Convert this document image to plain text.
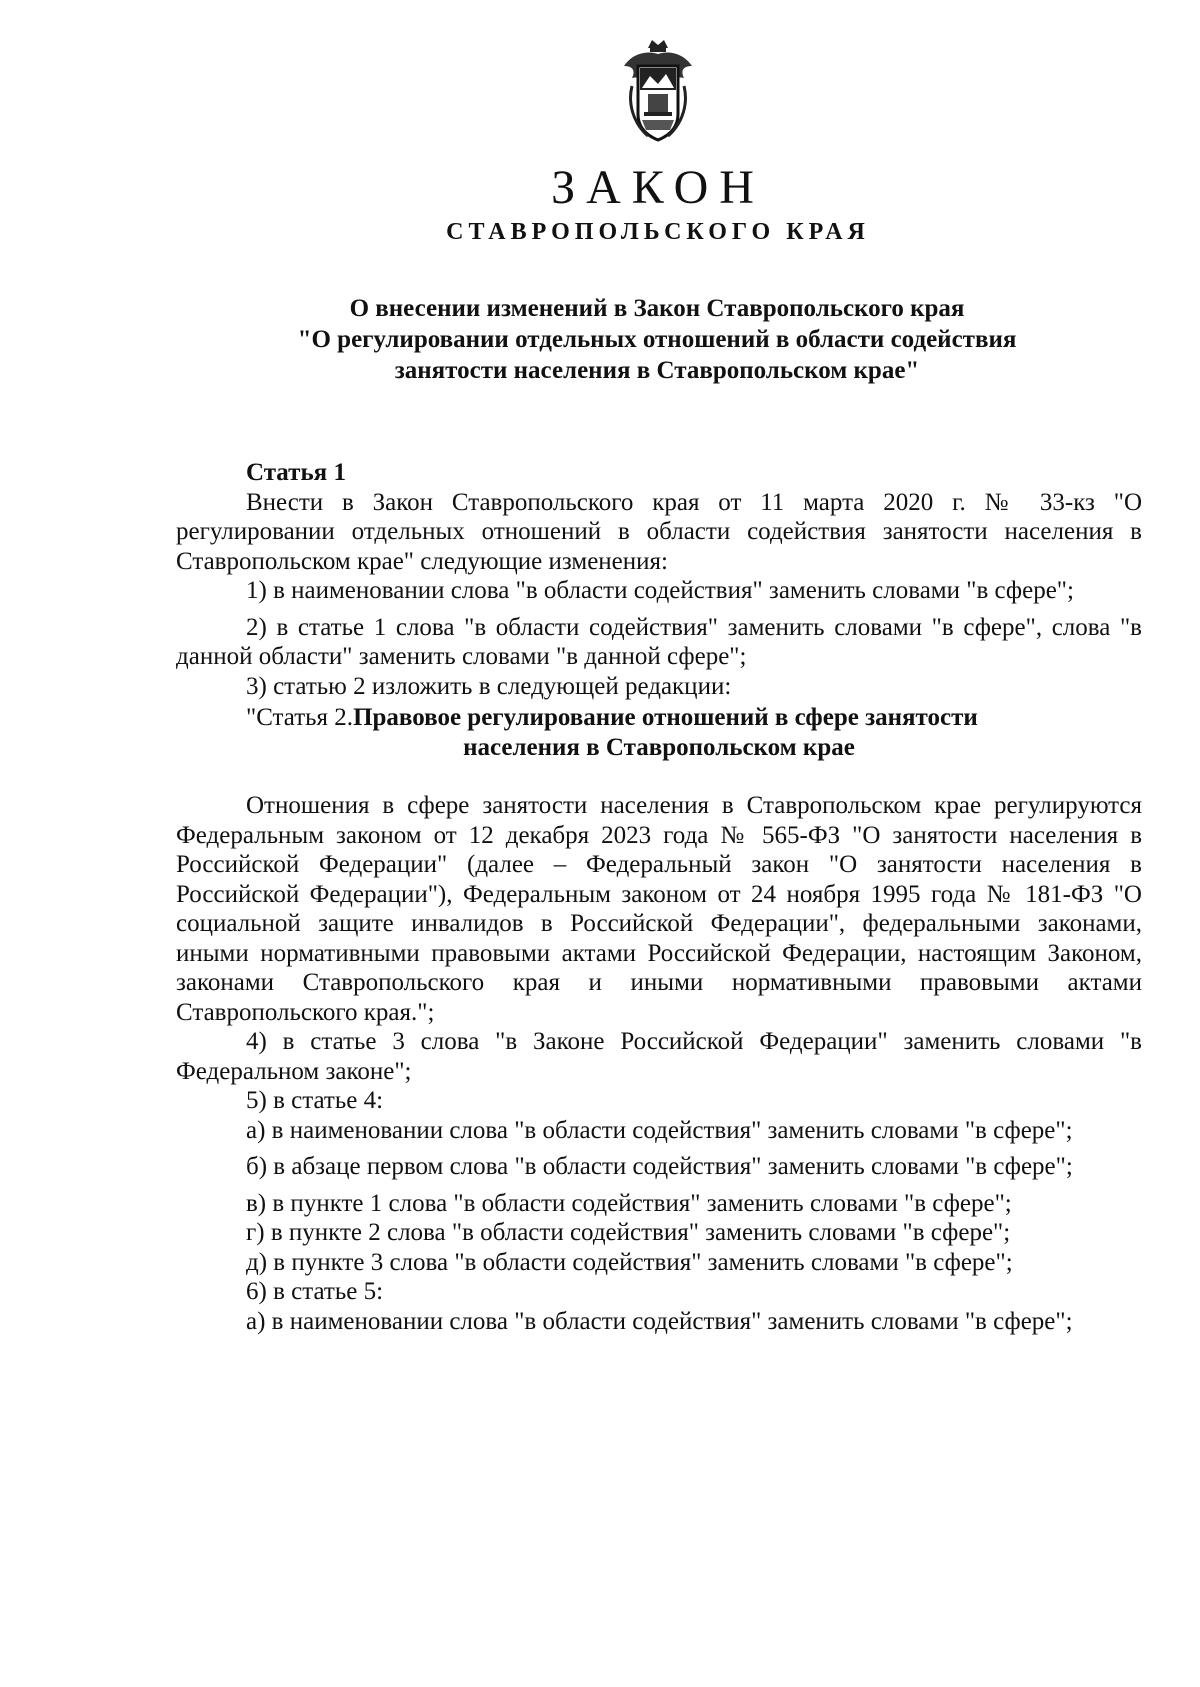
ЗАКОН
СТАВРОПОЛЬСКОГО КРАЯ
О внесении изменений в Закон Ставропольского края
"О регулировании отдельных отношений в области содействия
занятости населения в Ставропольском крае"

Статья 1

Внести в Закон Ставропольского края от 11 марта 2020 г. № 33-кз "О регулировании отдельных отношений в области содействия занятости населения в Ставропольском крае" следующие изменения:

1) в наименовании слова "в области содействия" заменить словами "в сфере";

2) в статье 1 слова "в области содействия" заменить словами "в сфере", слова "в данной области" заменить словами "в данной сфере";

3) статью 2 изложить в следующей редакции:

"Статья 2. Правовое регулирование отношений в сфере занятости
населения в Ставропольском крае

Отношения в сфере занятости населения в Ставропольском крае регулируются Федеральным законом от 12 декабря 2023 года № 565-ФЗ "О занятости населения в Российской Федерации" (далее – Федеральный закон "О занятости населения в Российской Федерации"), Федеральным законом от 24 ноября 1995 года № 181-ФЗ "О социальной защите инвалидов в Российской Федерации", федеральными законами, иными нормативными правовыми актами Российской Федерации, настоящим Законом, законами Ставропольского края и иными нормативными правовыми актами Ставропольского края.";

4) в статье 3 слова "в Законе Российской Федерации" заменить словами "в Федеральном законе";

5) в статье 4:

а) в наименовании слова "в области содействия" заменить словами "в сфере";

б) в абзаце первом слова "в области содействия" заменить словами "в сфере";

в) в пункте 1 слова "в области содействия" заменить словами "в сфере";

г) в пункте 2 слова "в области содействия" заменить словами "в сфере";

д) в пункте 3 слова "в области содействия" заменить словами "в сфере";

6) в статье 5:

а) в наименовании слова "в области содействия" заменить словами "в сфере";
